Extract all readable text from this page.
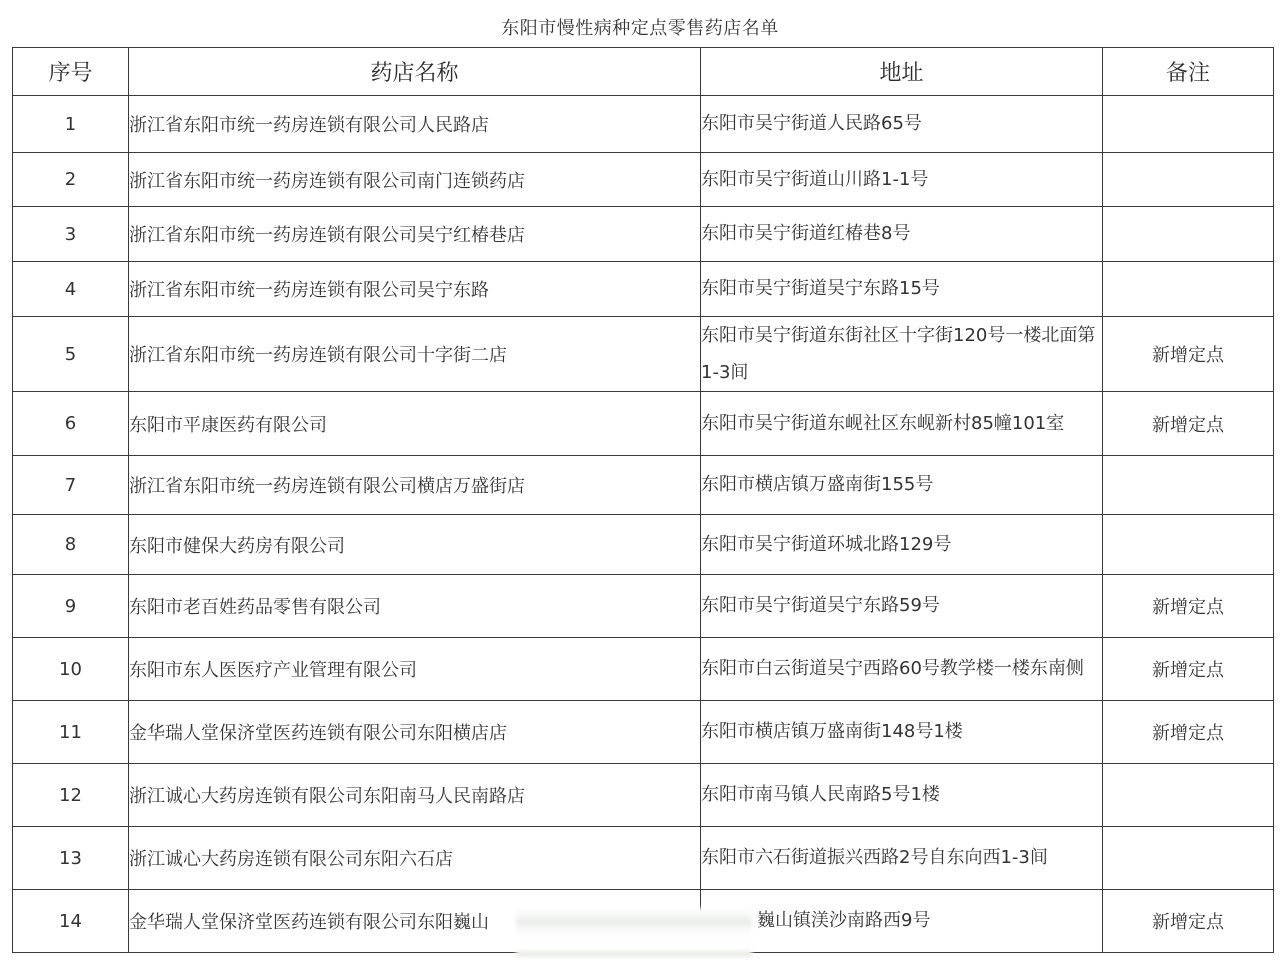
东阳市慢性病种定点零售药店名单
序号	药店名称	地址	备注
1	浙江省东阳市统一药房连锁有限公司人民路店	东阳市吴宁街道人民路65号	
2	浙江省东阳市统一药房连锁有限公司南门连锁药店	东阳市吴宁街道山川路1-1号	
3	浙江省东阳市统一药房连锁有限公司吴宁红椿巷店	东阳市吴宁街道红椿巷8号	
4	浙江省东阳市统一药房连锁有限公司吴宁东路	东阳市吴宁街道吴宁东路15号	
5	浙江省东阳市统一药房连锁有限公司十字街二店	东阳市吴宁街道东街社区十字街120号一楼北面第1-3间	新增定点
6	东阳市平康医药有限公司	东阳市吴宁街道东岘社区东岘新村85幢101室	新增定点
7	浙江省东阳市统一药房连锁有限公司横店万盛街店	东阳市横店镇万盛南街155号	
8	东阳市健保大药房有限公司	东阳市吴宁街道环城北路129号	
9	东阳市老百姓药品零售有限公司	东阳市吴宁街道吴宁东路59号	新增定点
10	东阳市东人医医疗产业管理有限公司	东阳市白云街道吴宁西路60号教学楼一楼东南侧	新增定点
11	金华瑞人堂保济堂医药连锁有限公司东阳横店店	东阳市横店镇万盛南街148号1楼	新增定点
12	浙江诚心大药房连锁有限公司东阳南马人民南路店	东阳市南马镇人民南路5号1楼	
13	浙江诚心大药房连锁有限公司东阳六石店	东阳市六石街道振兴西路2号自东向西1-3间	
14	金华瑞人堂保济堂医药连锁有限公司东阳巍山	巍山镇渼沙南路西9号	新增定点
